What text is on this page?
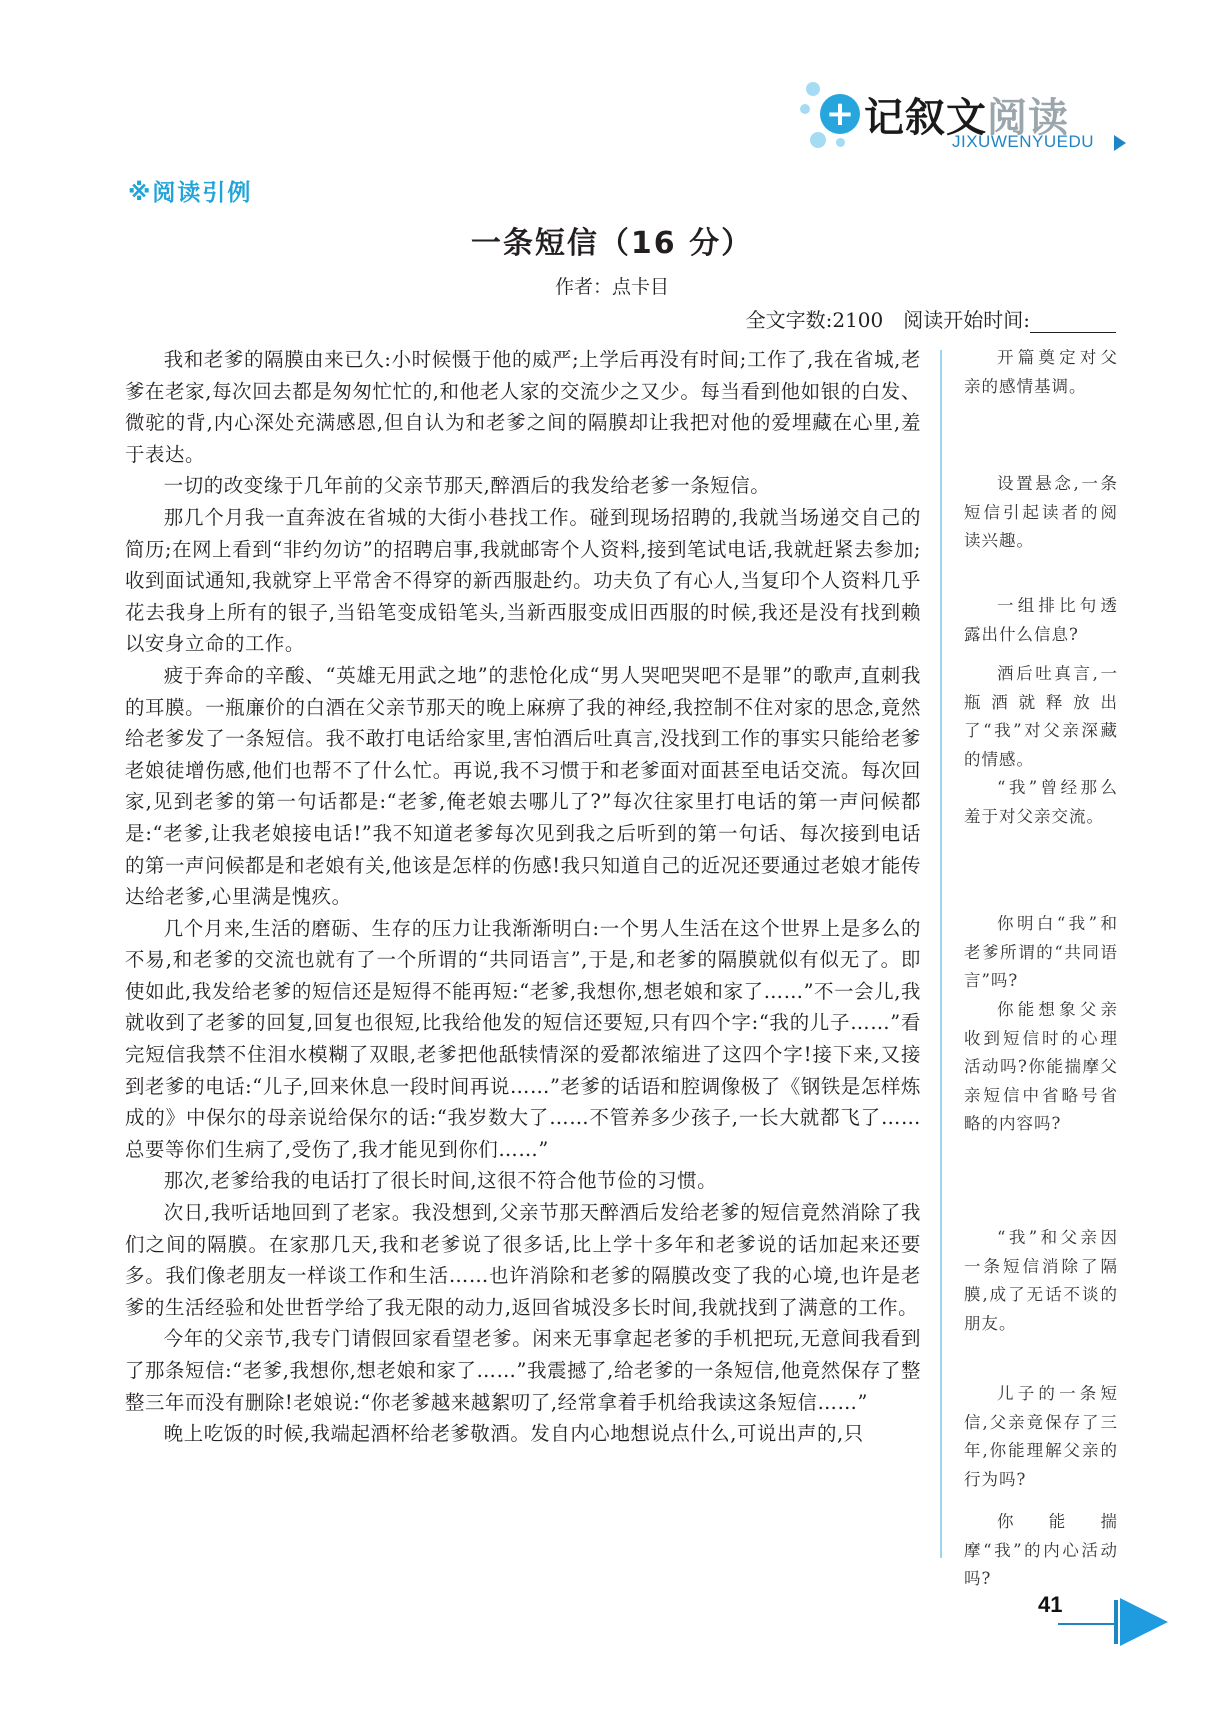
+ 记叙文阅读
JIXUWENYUEDU
※阅读引例
一条短信（16 分）
作者：点卡目
全文字数:2100　阅读开始时间:

我和老爹的隔膜由来已久:小时候慑于他的威严;上学后再没有时间;工作了,我在省城,老爹在老家,每次回去都是匆匆忙忙的,和他老人家的交流少之又少。每当看到他如银的白发、微驼的背,内心深处充满感恩,但自认为和老爹之间的隔膜却让我把对他的爱埋藏在心里,羞于表达。

一切的改变缘于几年前的父亲节那天,醉酒后的我发给老爹一条短信。

那几个月我一直奔波在省城的大街小巷找工作。碰到现场招聘的,我就当场递交自己的简历;在网上看到“非约勿访”的招聘启事,我就邮寄个人资料,接到笔试电话,我就赶紧去参加;收到面试通知,我就穿上平常舍不得穿的新西服赴约。功夫负了有心人,当复印个人资料几乎花去我身上所有的银子,当铅笔变成铅笔头,当新西服变成旧西服的时候,我还是没有找到赖以安身立命的工作。

疲于奔命的辛酸、“英雄无用武之地”的悲怆化成“男人哭吧哭吧不是罪”的歌声,直刺我的耳膜。一瓶廉价的白酒在父亲节那天的晚上麻痹了我的神经,我控制不住对家的思念,竟然给老爹发了一条短信。我不敢打电话给家里,害怕酒后吐真言,没找到工作的事实只能给老爹老娘徒增伤感,他们也帮不了什么忙。再说,我不习惯于和老爹面对面甚至电话交流。每次回家,见到老爹的第一句话都是:“老爹,俺老娘去哪儿了?”每次往家里打电话的第一声问候都是:“老爹,让我老娘接电话!”我不知道老爹每次见到我之后听到的第一句话、每次接到电话的第一声问候都是和老娘有关,他该是怎样的伤感!我只知道自己的近况还要通过老娘才能传达给老爹,心里满是愧疚。

几个月来,生活的磨砺、生存的压力让我渐渐明白:一个男人生活在这个世界上是多么的不易,和老爹的交流也就有了一个所谓的“共同语言”,于是,和老爹的隔膜就似有似无了。即使如此,我发给老爹的短信还是短得不能再短:“老爹,我想你,想老娘和家了……”不一会儿,我就收到了老爹的回复,回复也很短,比我给他发的短信还要短,只有四个字:“我的儿子……”看完短信我禁不住泪水模糊了双眼,老爹把他舐犊情深的爱都浓缩进了这四个字!接下来,又接到老爹的电话:“儿子,回来休息一段时间再说……”老爹的话语和腔调像极了《钢铁是怎样炼成的》中保尔的母亲说给保尔的话:“我岁数大了……不管养多少孩子,一长大就都飞了……总要等你们生病了,受伤了,我才能见到你们……”

那次,老爹给我的电话打了很长时间,这很不符合他节俭的习惯。

次日,我听话地回到了老家。我没想到,父亲节那天醉酒后发给老爹的短信竟然消除了我们之间的隔膜。在家那几天,我和老爹说了很多话,比上学十多年和老爹说的话加起来还要多。我们像老朋友一样谈工作和生活……也许消除和老爹的隔膜改变了我的心境,也许是老爹的生活经验和处世哲学给了我无限的动力,返回省城没多长时间,我就找到了满意的工作。

今年的父亲节,我专门请假回家看望老爹。闲来无事拿起老爹的手机把玩,无意间我看到了那条短信:“老爹,我想你,想老娘和家了……”我震撼了,给老爹的一条短信,他竟然保存了整整三年而没有删除!老娘说:“你老爹越来越絮叨了,经常拿着手机给我读这条短信……”

晚上吃饭的时候,我端起酒杯给老爹敬酒。发自内心地想说点什么,可说出声的,只

开篇奠定对父亲的感情基调。

设置悬念,一条短信引起读者的阅读兴趣。

一组排比句透露出什么信息?

酒后吐真言,一瓶酒就释放出了“我”对父亲深藏的情感。

“我”曾经那么羞于对父亲交流。

你明白“我”和老爹所谓的“共同语言”吗?

你能想象父亲收到短信时的心理活动吗?你能揣摩父亲短信中省略号省略的内容吗?

“我”和父亲因一条短信消除了隔膜,成了无话不谈的朋友。

儿子的一条短信,父亲竟保存了三年,你能理解父亲的行为吗?

你能揣摩“我”的内心活动吗?

41
